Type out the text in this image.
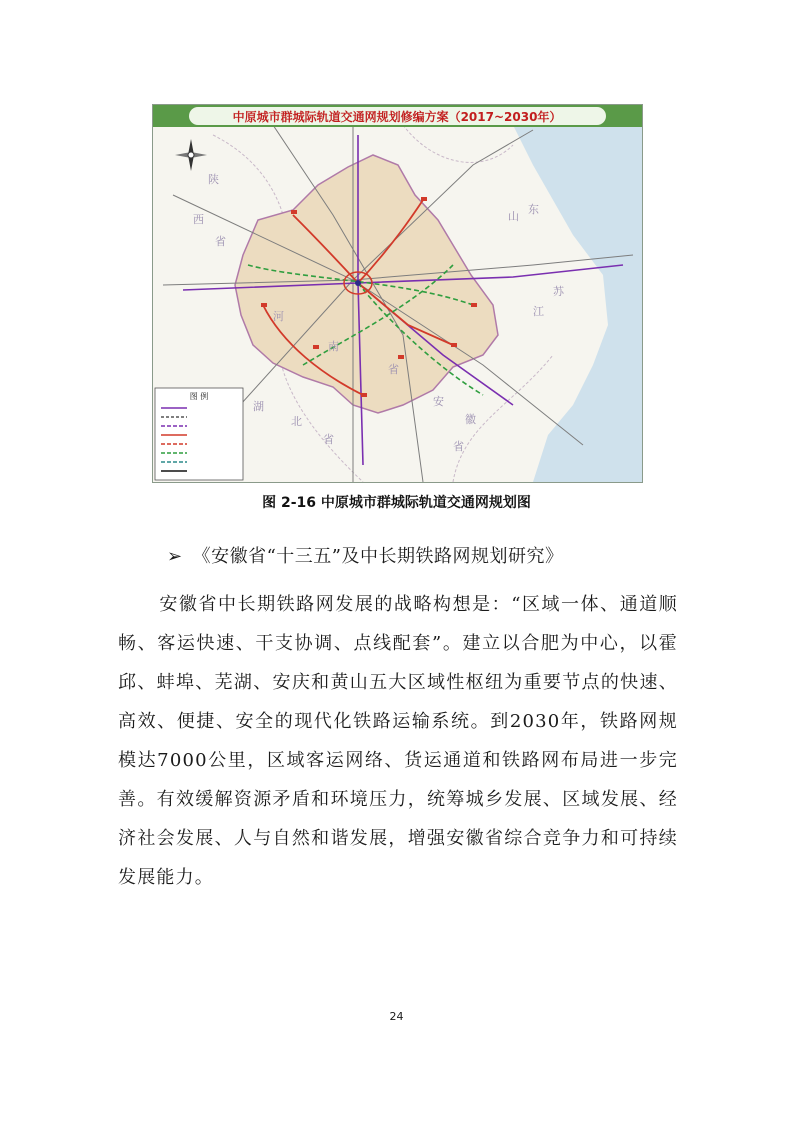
陕
西
省
河
南
省
湖
北
省
安
徽
省
江
苏
山
东
图 例
中原城市群城际轨道交通网规划修编方案（2017~2030年）
图 2-16 中原城市群城际轨道交通网规划图
➢ 《安徽省“十三五”及中长期铁路网规划研究》
安徽省中长期铁路网发展的战略构想是：“区域一体、通道顺畅、客运快速、干支协调、点线配套”。建立以合肥为中心，以霍邱、蚌埠、芜湖、安庆和黄山五大区域性枢纽为重要节点的快速、高效、便捷、安全的现代化铁路运输系统。到2030年，铁路网规模达7000公里，区域客运网络、货运通道和铁路网布局进一步完善。有效缓解资源矛盾和环境压力，统筹城乡发展、区域发展、经济社会发展、人与自然和谐发展，增强安徽省综合竞争力和可持续发展能力。
24
